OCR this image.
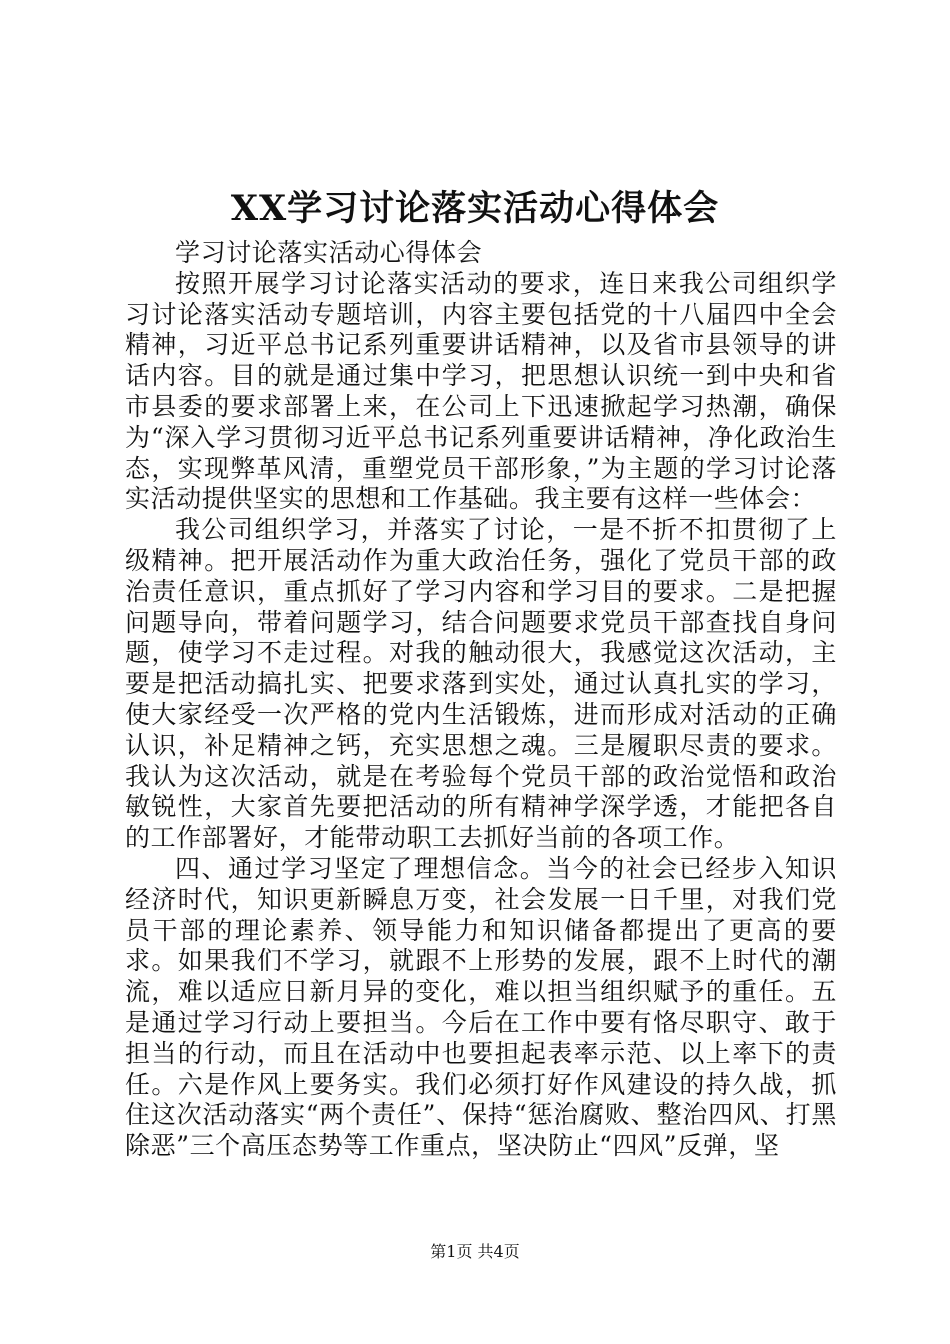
XX学习讨论落实活动心得体会

学习讨论落实活动心得体会

按照开展学习讨论落实活动的要求，连日来我公司组织学习讨论落实活动专题培训，内容主要包括党的十八届四中全会精神，习近平总书记系列重要讲话精神，以及省市县领导的讲话内容。目的就是通过集中学习，把思想认识统一到中央和省市县委的要求部署上来，在公司上下迅速掀起学习热潮，确保为“深入学习贯彻习近平总书记系列重要讲话精神，净化政治生态，实现弊革风清，重塑党员干部形象，”为主题的学习讨论落实活动提供坚实的思想和工作基础。我主要有这样一些体会：

我公司组织学习，并落实了讨论，一是不折不扣贯彻了上级精神。把开展活动作为重大政治任务，强化了党员干部的政治责任意识，重点抓好了学习内容和学习目的要求。二是把握问题导向，带着问题学习，结合问题要求党员干部查找自身问题，使学习不走过程。对我的触动很大，我感觉这次活动，主要是把活动搞扎实、把要求落到实处，通过认真扎实的学习，使大家经受一次严格的党内生活锻炼，进而形成对活动的正确认识，补足精神之钙，充实思想之魂。三是履职尽责的要求。我认为这次活动，就是在考验每个党员干部的政治觉悟和政治敏锐性，大家首先要把活动的所有精神学深学透，才能把各自的工作部署好，才能带动职工去抓好当前的各项工作。

四、通过学习坚定了理想信念。当今的社会已经步入知识经济时代，知识更新瞬息万变，社会发展一日千里，对我们党员干部的理论素养、领导能力和知识储备都提出了更高的要求。如果我们不学习，就跟不上形势的发展，跟不上时代的潮流，难以适应日新月异的变化，难以担当组织赋予的重任。五是通过学习行动上要担当。今后在工作中要有恪尽职守、敢于担当的行动，而且在活动中也要担起表率示范、以上率下的责任。六是作风上要务实。我们必须打好作风建设的持久战，抓住这次活动落实“两个责任”、保持“惩治腐败、整治四风、打黑除恶”三个高压态势等工作重点，坚决防止“四风”反弹，坚

第1页 共4页
